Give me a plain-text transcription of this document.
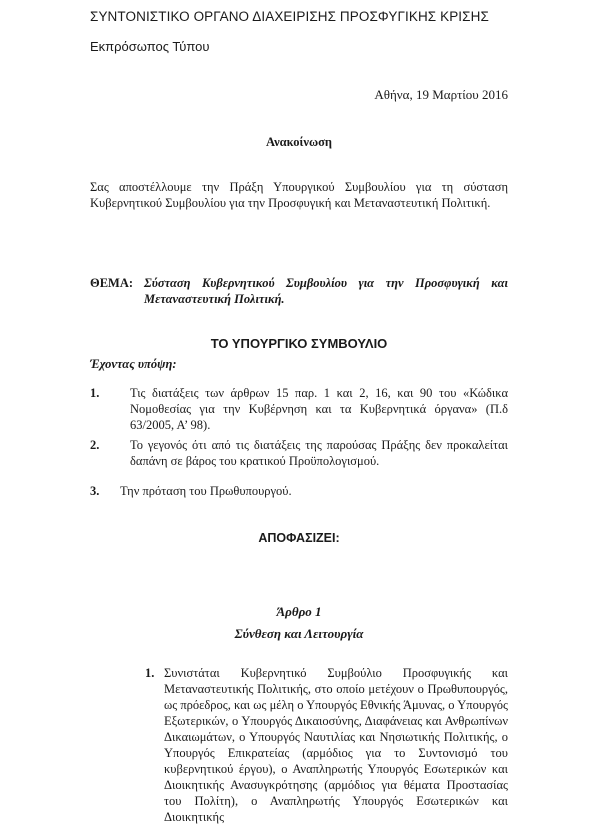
ΣΥΝΤΟΝΙΣΤΙΚΟ ΟΡΓΑΝΟ ΔΙΑΧΕΙΡΙΣΗΣ ΠΡΟΣΦΥΓΙΚΗΣ ΚΡΙΣΗΣ

Εκπρόσωπος Τύπου

Αθήνα, 19 Μαρτίου 2016

Ανακοίνωση

Σας αποστέλλουμε την Πράξη Υπουργικού Συμβουλίου για τη σύσταση Κυβερνητικού Συμβουλίου για την Προσφυγική και Μεταναστευτική Πολιτική.

ΘΕΜΑ: Σύσταση Κυβερνητικού Συμβουλίου για την Προσφυγική και Μεταναστευτική Πολιτική.

ΤΟ ΥΠΟΥΡΓΙΚΟ ΣΥΜΒΟΥΛΙΟ

Έχοντας υπόψη:

1. Τις διατάξεις των άρθρων 15 παρ. 1 και 2, 16, και 90 του «Κώδικα Νομοθεσίας για την Κυβέρνηση και τα Κυβερνητικά όργανα» (Π.δ 63/2005, Α’ 98).
2. Το γεγονός ότι από τις διατάξεις της παρούσας Πράξης δεν προκαλείται δαπάνη σε βάρος του κρατικού Προϋπολογισμού.
3. Την πρόταση του Πρωθυπουργού.

ΑΠΟΦΑΣΙΖΕΙ:

Άρθρο 1

Σύνθεση και Λειτουργία

1. Συνιστάται Κυβερνητικό Συμβούλιο Προσφυγικής και Μεταναστευτικής Πολιτικής, στο οποίο μετέχουν ο Πρωθυπουργός, ως πρόεδρος, και ως μέλη ο Υπουργός Εθνικής Άμυνας, ο Υπουργός Εξωτερικών, ο Υπουργός Δικαιοσύνης, Διαφάνειας και Ανθρωπίνων Δικαιωμάτων, ο Υπουργός Ναυτιλίας και Νησιωτικής Πολιτικής, ο Υπουργός Επικρατείας (αρμόδιος για το Συντονισμό του κυβερνητικού έργου), ο Αναπληρωτής Υπουργός Εσωτερικών και Διοικητικής Ανασυγκρότησης (αρμόδιος για θέματα Προστασίας του Πολίτη), ο Αναπληρωτής Υπουργός Εσωτερικών και Διοικητικής
